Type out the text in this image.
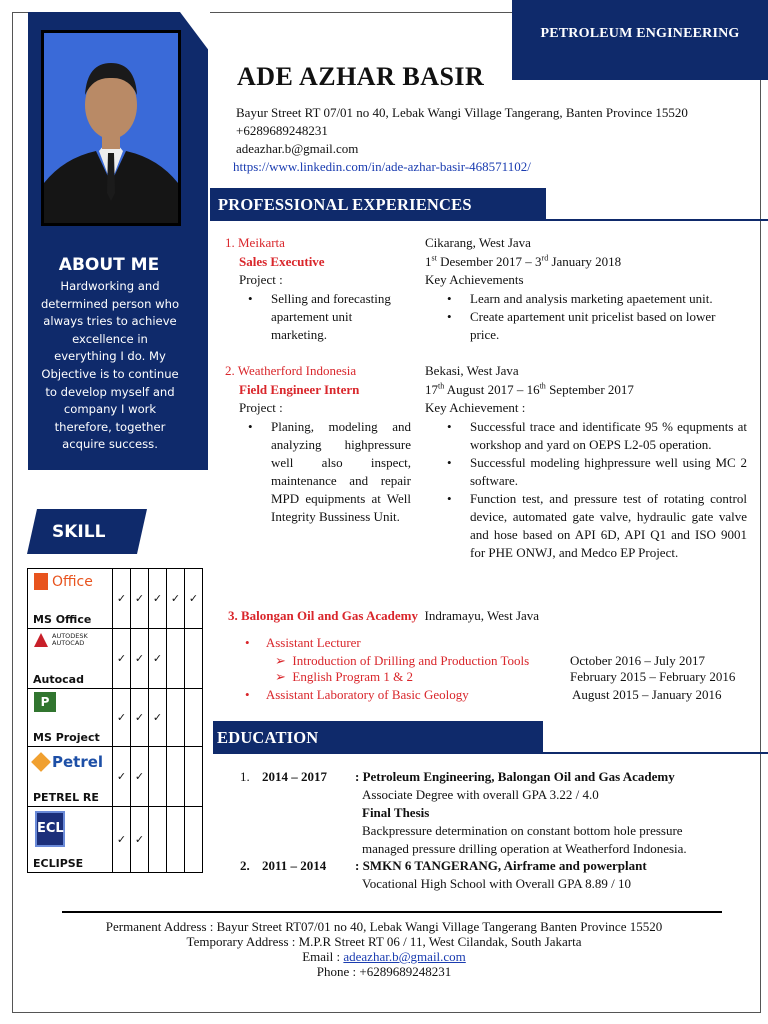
PETROLEUM ENGINEERING
ABOUT ME
Hardworking and determined person who always tries to achieve excellence in everything I do. My Objective is to continue to develop myself and company I work therefore, together acquire success.
SKILL
Office
MS Office	✓	✓	✓	✓	✓

AUTODESK AUTOCAD
Autocad	✓	✓	✓		

P
MS Project	✓	✓	✓		

Petrel
PETREL RE	✓	✓			

ECL
ECLIPSE	✓	✓			
ADE AZHAR BASIR
Bayur Street RT 07/01 no 40, Lebak Wangi Village Tangerang, Banten Province 15520
+6289689248231
adeazhar.b@gmail.com
https://www.linkedin.com/in/ade-azhar-basir-468571102/
PROFESSIONAL EXPERIENCES
1. Meikarta
Sales Executive
Project :
• Selling and forecasting apartement unit marketing.
Cikarang, West Java
1st Desember 2017 – 3rd January 2018
Key Achievements
• Learn and analysis marketing apaetement unit.
• Create apartement unit pricelist based on lower price.
2. Weatherford Indonesia
Field Engineer Intern
Project :
• Planing, modeling and analyzing highpressure well also inspect, maintenance and repair MPD equipments at Well Integrity Bussiness Unit.
Bekasi, West Java
17th August 2017 – 16th September 2017
Key Achievement :
• Successful trace and identificate 95 % equpments at workshop and yard on OEPS L2-05 operation.
• Successful modeling highpressure well using MC 2 software.
• Function test, and pressure test of rotating control device, automated gate valve, hydraulic gate valve and hose based on API 6D, API Q1 and ISO 9001 for PHE ONWJ, and Medco EP Project.
3. Balongan Oil and Gas Academy Indramayu, West Java
•     Assistant Lecturer
➢  Introduction of Drilling and Production Tools	October 2016 – July 2017
➢  English Program 1 & 2	February 2015 – February 2016
•     Assistant Laboratory of Basic Geology	August 2015 – January 2016
EDUCATION
1. 2014 – 2017 : Petroleum Engineering, Balongan Oil and Gas Academy
Associate Degree with overall GPA 3.22 / 4.0
Final Thesis
Backpressure determination on constant bottom hole pressure managed pressure drilling operation at Weatherford Indonesia.
2. 2011 – 2014 : SMKN 6 TANGERANG, Airframe and powerplant
Vocational High School with Overall GPA 8.89 / 10
Permanent Address : Bayur Street RT07/01 no 40, Lebak Wangi Village Tangerang Banten Province 15520
Temporary Address : M.P.R Street RT 06 / 11, West Cilandak, South Jakarta
Email : adeazhar.b@gmail.com
Phone : +6289689248231
